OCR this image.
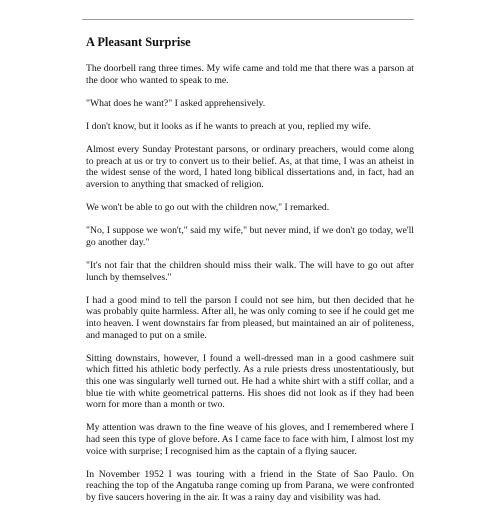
A Pleasant Surprise

The doorbell rang three times. My wife came and told me that there was a parson at the door who wanted to speak to me.

"What does he want?" I asked apprehensively.

I don't know, but it looks as if he wants to preach at you, replied my wife.

Almost every Sunday Protestant parsons, or ordinary preachers, would come along to preach at us or try to convert us to their belief. As, at that time, I was an atheist in the widest sense of the word, I hated long biblical dissertations and, in fact, had an aversion to anything that smacked of religion.

We won't be able to go out with the children now," I remarked.

"No, I suppose we won't," said my wife," but never mind, if we don't go today, we'll go another day."

"It's not fair that the children should miss their walk. The will have to go out after lunch by themselves."

I had a good mind to tell the parson I could not see him, but then decided that he was probably quite harmless. After all, he was only coming to see if he could get me into heaven. I went downstairs far from pleased, but maintained an air of politeness, and managed to put on a smile.

Sitting downstairs, however, I found a well-dressed man in a good cashmere suit which fitted his athletic body perfectly. As a rule priests dress unostentatiously, but this one was singularly well turned out. He had a white shirt with a stiff collar, and a blue tie with white geometrical patterns. His shoes did not look as if they had been worn for more than a month or two.

My attention was drawn to the fine weave of his gloves, and I remembered where I had seen this type of glove before. As I came face to face with him, I almost lost my voice with surprise; I recognised him as the captain of a flying saucer.

In November 1952 I was touring with a friend in the State of Sao Paulo. On reaching the top of the Angatuba range coming up from Parana, we were confronted by five saucers hovering in the air. It was a rainy day and visibility was had.
